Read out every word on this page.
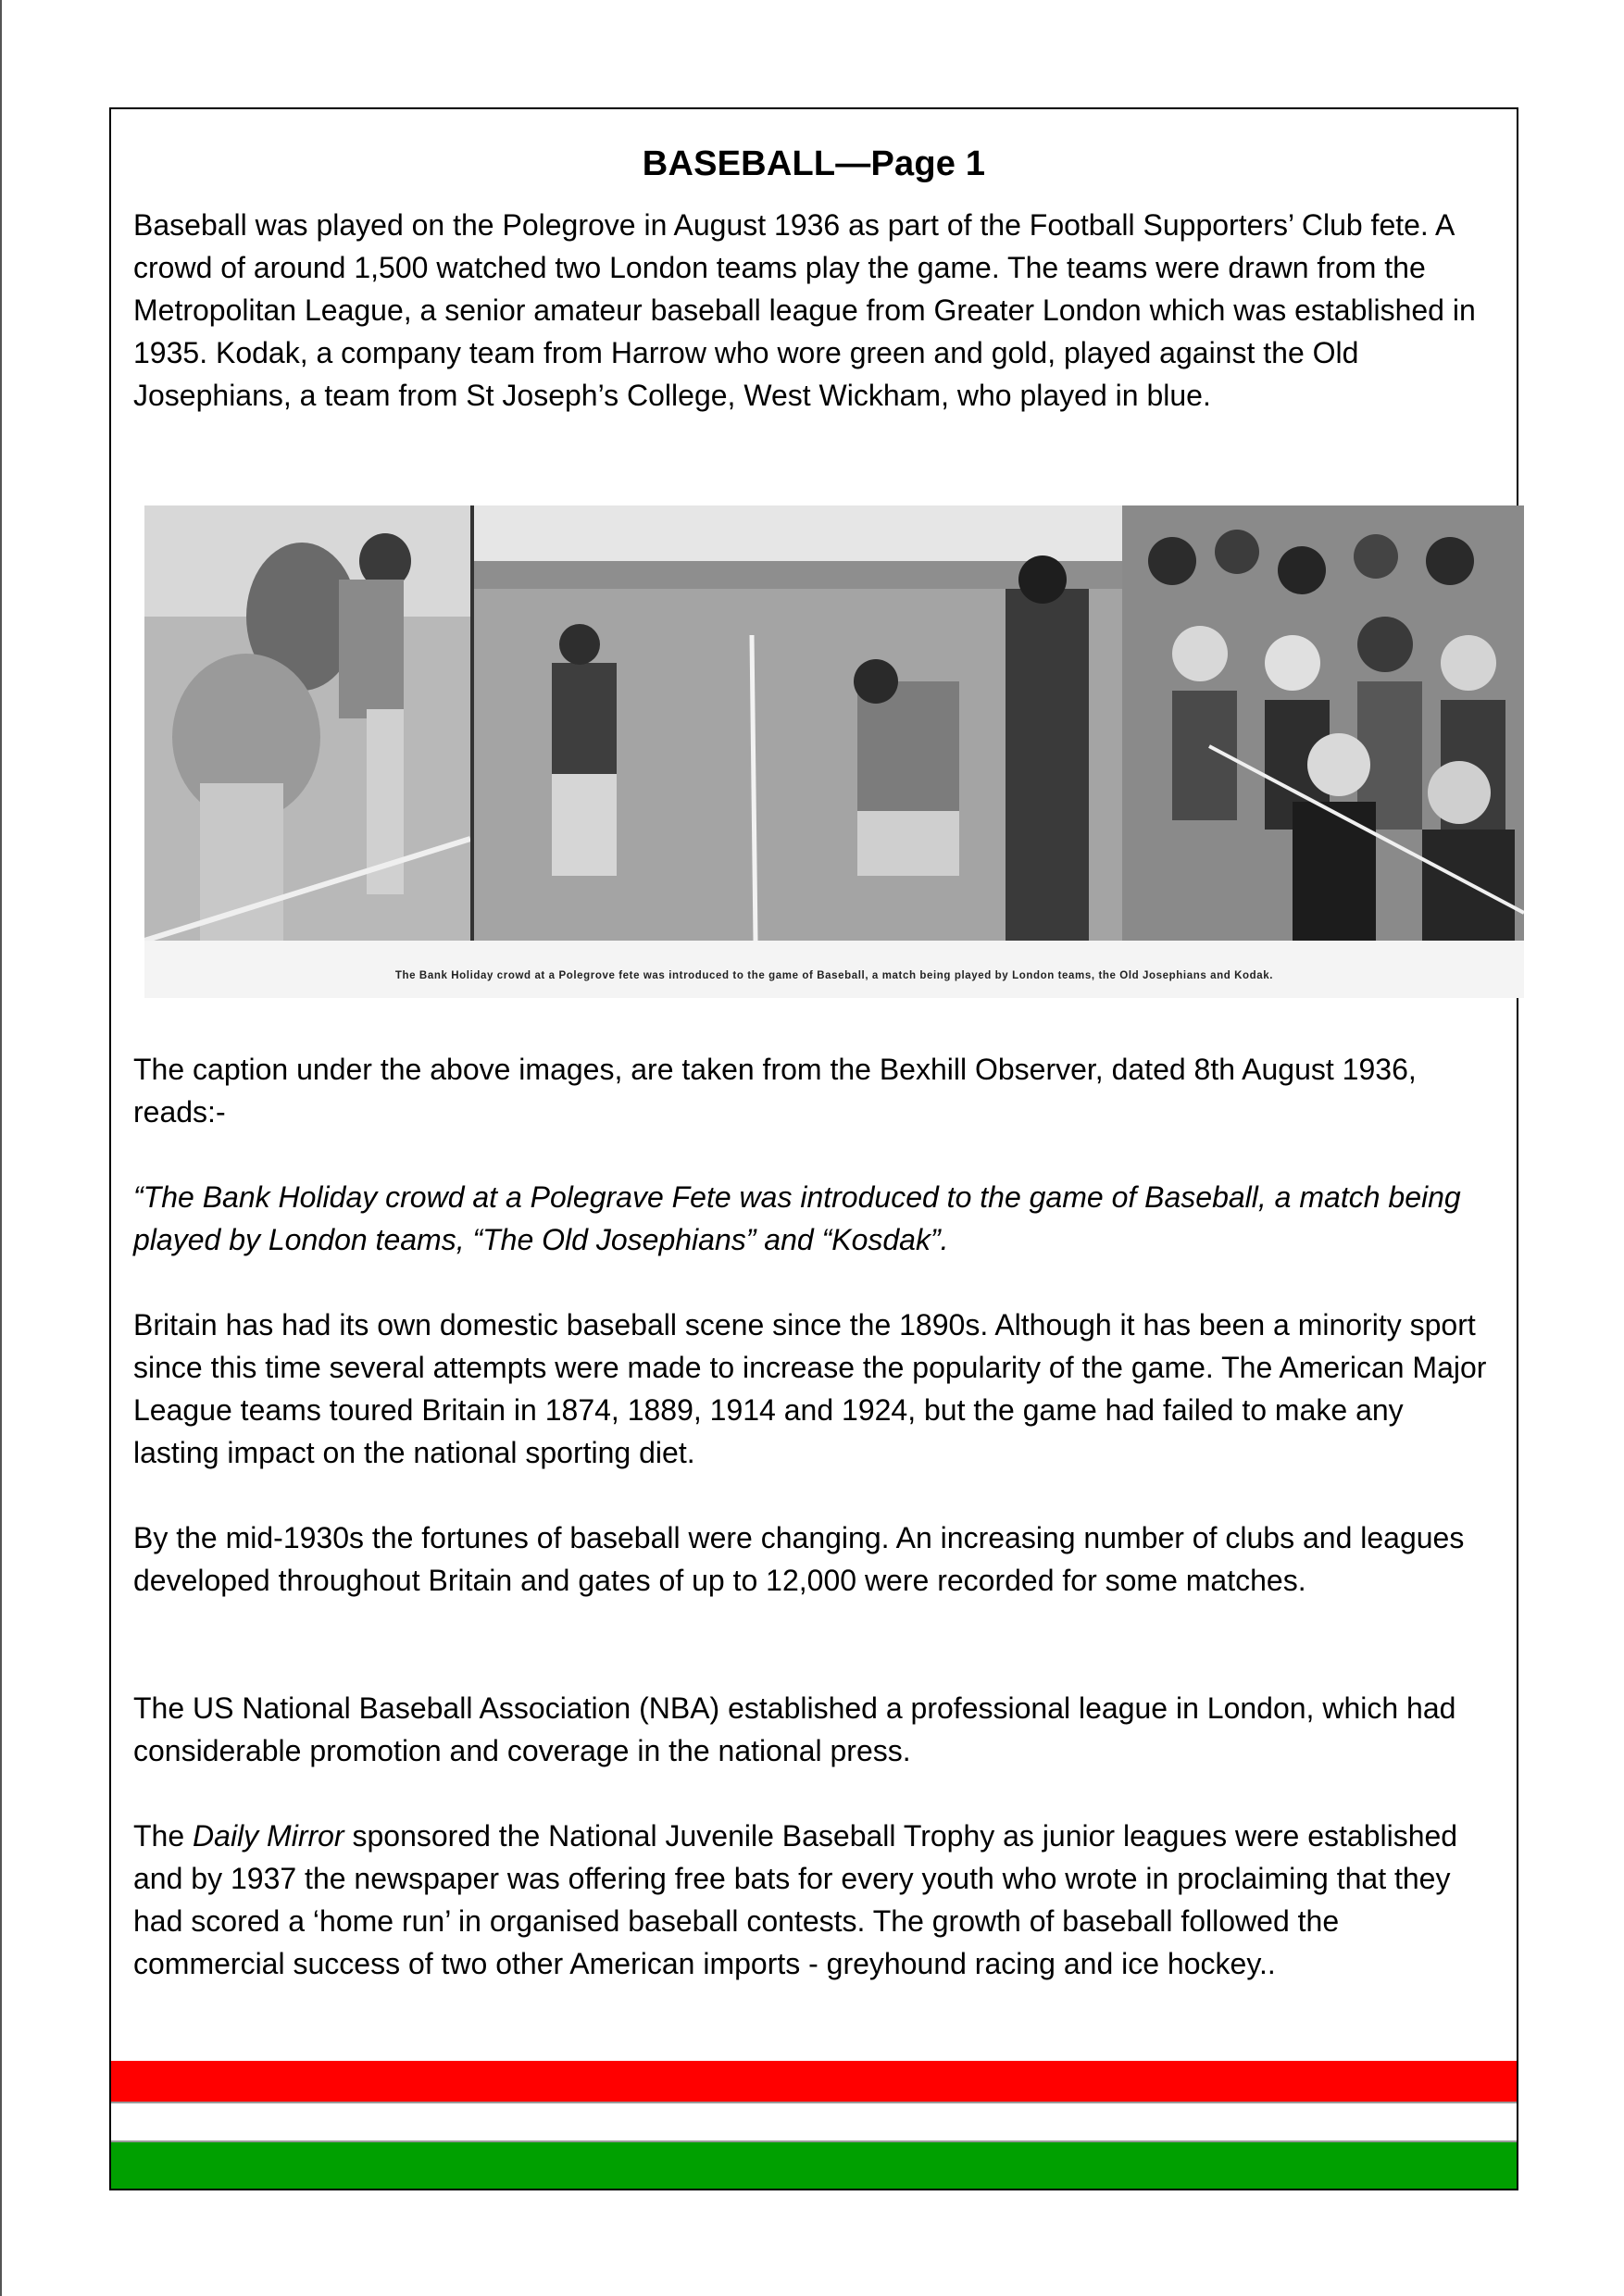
BASEBALL—Page 1

Baseball was played on the Polegrove in August 1936 as part of the Football Supporters’ Club fete. A crowd of around 1,500 watched two London teams play the game. The teams were drawn from the Metropolitan League, a senior amateur baseball league from Greater London which was established in 1935. Kodak, a company team from Harrow who wore green and gold, played against the Old Josephians, a team from St Joseph’s College, West Wickham, who played in blue.

The Bank Holiday crowd at a Polegrove fete was introduced to the game of Baseball, a match being played by London teams, the Old Josephians and Kodak.

The caption under the above images, are taken from the Bexhill Observer, dated 8th August 1936, reads:-

“The Bank Holiday crowd at a Polegrave Fete was introduced to the game of Baseball, a match being played by London teams, “The Old Josephians” and “Kosdak”.

Britain has had its own domestic baseball scene since the 1890s. Although it has been a minority sport since this time several attempts were made to increase the popularity of the game. The American Major League teams toured Britain in 1874, 1889, 1914 and 1924, but the game had failed to make any lasting impact on the national sporting diet.

By the mid-1930s the fortunes of baseball were changing. An increasing number of clubs and leagues developed throughout Britain and gates of up to 12,000 were recorded for some matches.

The US National Baseball Association (NBA) established a professional league in London, which had considerable promotion and coverage in the national press.

The Daily Mirror sponsored the National Juvenile Baseball Trophy as junior leagues were established and by 1937 the newspaper was offering free bats for every youth who wrote in proclaiming that they had scored a ‘home run’ in organised baseball contests. The growth of baseball followed the commercial success of two other American imports - greyhound racing and ice hockey..
